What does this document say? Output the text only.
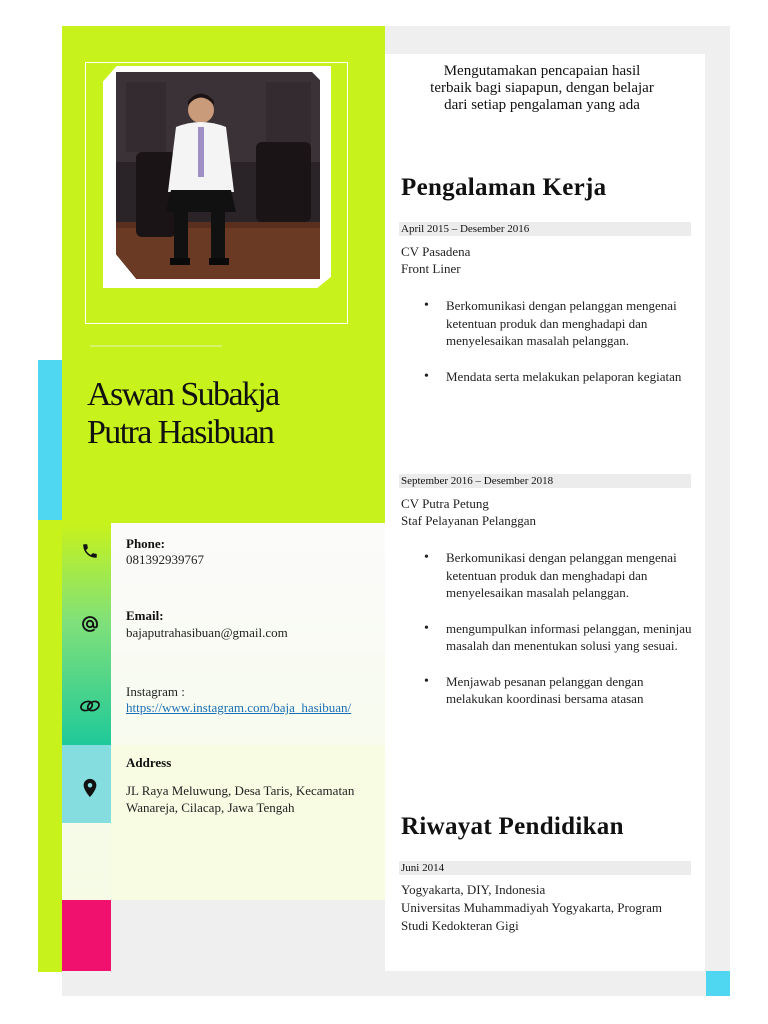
Aswan Subakja
Putra Hasibuan
Phone:
081392939767
Email:
bajaputrahasibuan@gmail.com
Instagram :
https://www.instagram.com/baja_hasibuan/
Address
JL Raya Meluwung, Desa Taris, Kecamatan
Wanareja, Cilacap, Jawa Tengah
Mengutamakan pencapaian hasil
terbaik bagi siapapun, dengan belajar
dari setiap pengalaman yang ada
Pengalaman Kerja
April 2015 – Desember 2016
CV Pasadena
Front Liner
• Berkomunikasi dengan pelanggan mengenai ketentuan produk dan menghadapi dan menyelesaikan masalah pelanggan.
• Mendata serta melakukan pelaporan kegiatan
September 2016 – Desember 2018
CV Putra Petung
Staf Pelayanan Pelanggan
• Berkomunikasi dengan pelanggan mengenai ketentuan produk dan menghadapi dan menyelesaikan masalah pelanggan.
• mengumpulkan informasi pelanggan, meninjau masalah dan menentukan solusi yang sesuai.
• Menjawab pesanan pelanggan dengan melakukan koordinasi bersama atasan
Riwayat Pendidikan
Juni 2014
Yogyakarta, DIY, Indonesia
Universitas Muhammadiyah Yogyakarta, Program
Studi Kedokteran Gigi
